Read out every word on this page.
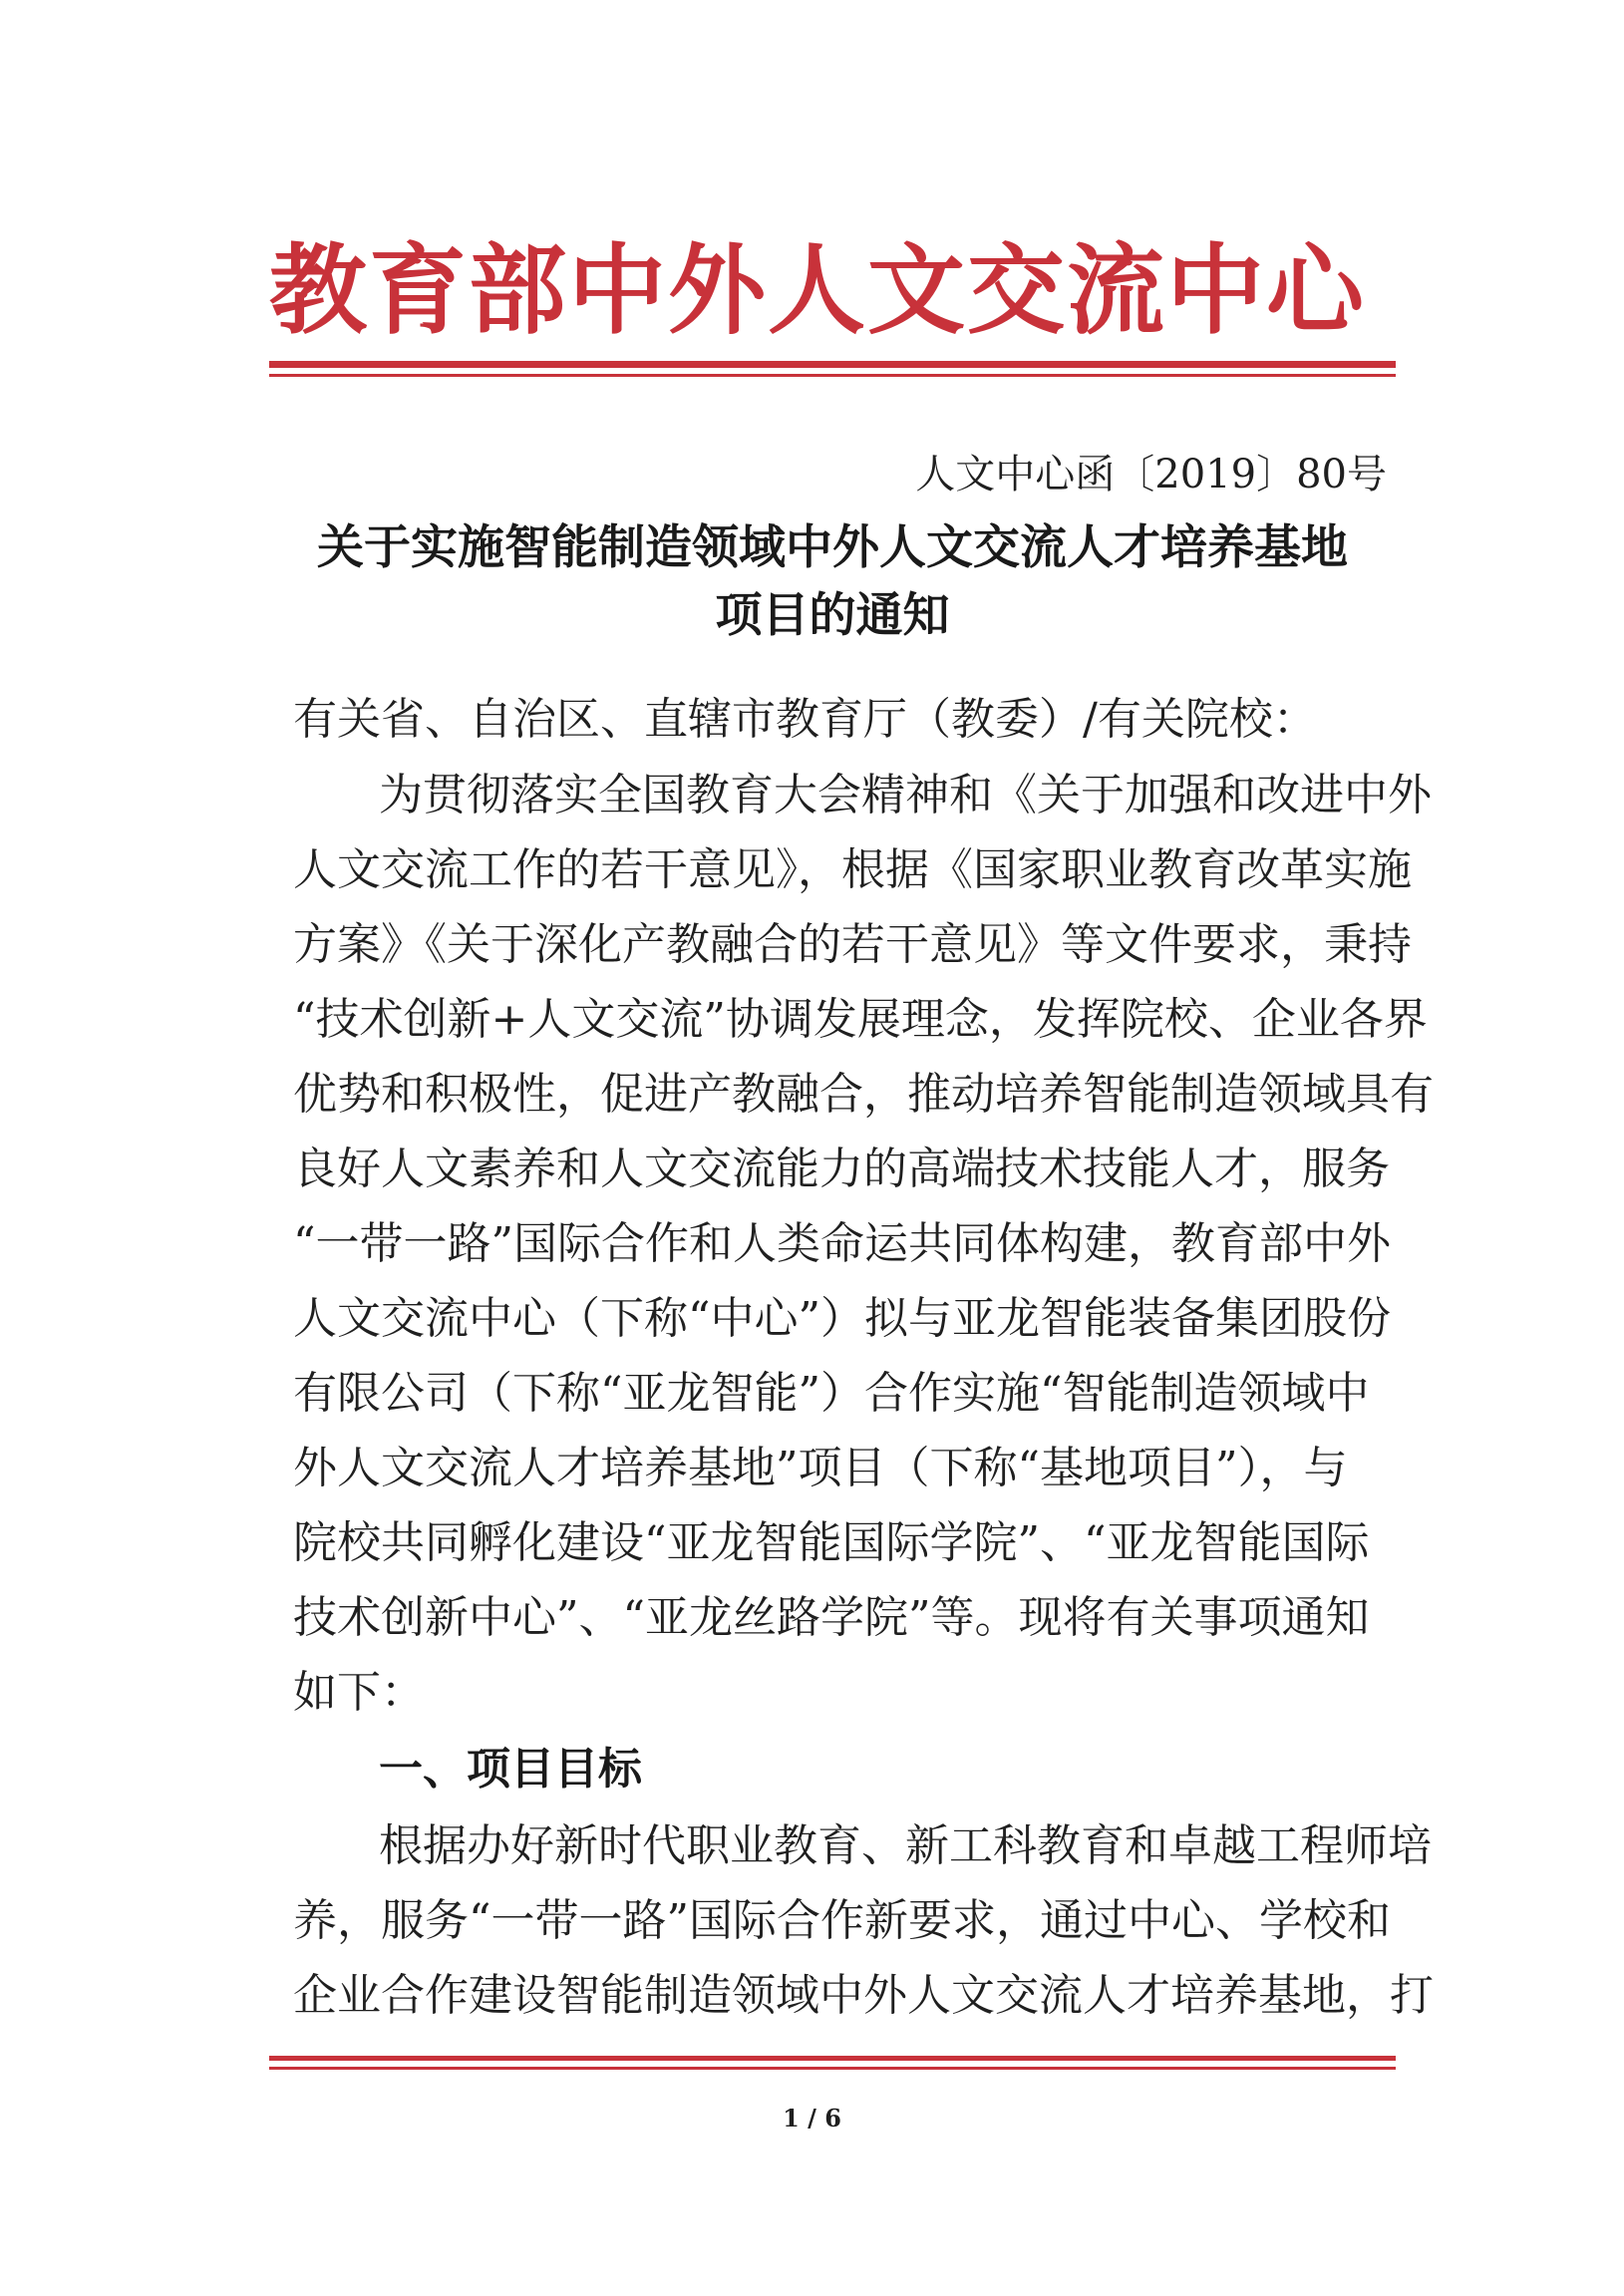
教育部中外人文交流中心
人文中心函〔2019〕80号
关于实施智能制造领域中外人文交流人才培养基地
项目的通知
有关省、自治区、直辖市教育厅（教委）/有关院校：
为贯彻落实全国教育大会精神和《关于加强和改进中外
人文交流工作的若干意见》，根据《国家职业教育改革实施
方案》《关于深化产教融合的若干意见》等文件要求，秉持
“技术创新+人文交流”协调发展理念，发挥院校、企业各界
优势和积极性，促进产教融合，推动培养智能制造领域具有
良好人文素养和人文交流能力的高端技术技能人才，服务
“一带一路”国际合作和人类命运共同体构建，教育部中外
人文交流中心（下称“中心”）拟与亚龙智能装备集团股份
有限公司（下称“亚龙智能”）合作实施“智能制造领域中
外人文交流人才培养基地”项目（下称“基地项目”），与
院校共同孵化建设“亚龙智能国际学院”、“亚龙智能国际
技术创新中心”、“亚龙丝路学院”等。现将有关事项通知
如下：
一、项目目标
根据办好新时代职业教育、新工科教育和卓越工程师培
养，服务“一带一路”国际合作新要求，通过中心、学校和
企业合作建设智能制造领域中外人文交流人才培养基地，打
1 / 6
